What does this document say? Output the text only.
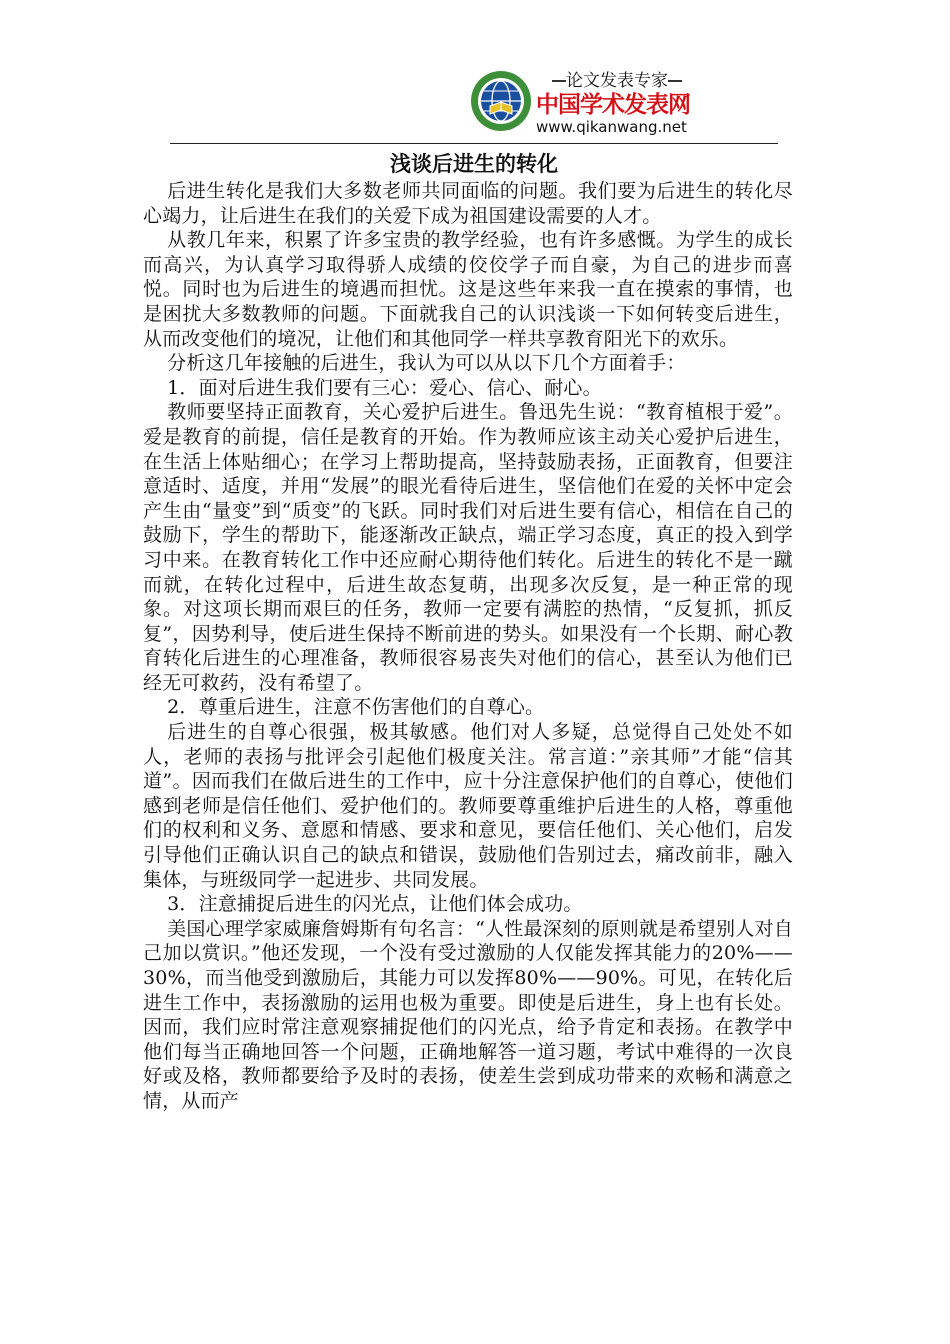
论文发表专家
中国学术发表网
www.qikanwang.net
浅谈后进生的转化

后进生转化是我们大多数老师共同面临的问题。我们要为后进生的转化尽心竭力，让后进生在我们的关爱下成为祖国建设需要的人才。

从教几年来，积累了许多宝贵的教学经验，也有许多感慨。为学生的成长而高兴，为认真学习取得骄人成绩的佼佼学子而自豪，为自己的进步而喜悦。同时也为后进生的境遇而担忧。这是这些年来我一直在摸索的事情，也是困扰大多数教师的问题。下面就我自己的认识浅谈一下如何转变后进生，从而改变他们的境况，让他们和其他同学一样共享教育阳光下的欢乐。

分析这几年接触的后进生，我认为可以从以下几个方面着手：

1．面对后进生我们要有三心：爱心、信心、耐心。

教师要坚持正面教育，关心爱护后进生。鲁迅先生说：“教育植根于爱”。爱是教育的前提，信任是教育的开始。作为教师应该主动关心爱护后进生，在生活上体贴细心；在学习上帮助提高，坚持鼓励表扬，正面教育，但要注意适时、适度，并用“发展”的眼光看待后进生，坚信他们在爱的关怀中定会产生由“量变”到“质变”的飞跃。同时我们对后进生要有信心，相信在自己的鼓励下，学生的帮助下，能逐渐改正缺点，端正学习态度，真正的投入到学习中来。在教育转化工作中还应耐心期待他们转化。后进生的转化不是一蹴而就，在转化过程中，后进生故态复萌，出现多次反复，是一种正常的现象。对这项长期而艰巨的任务，教师一定要有满腔的热情，“反复抓，抓反复”，因势利导，使后进生保持不断前进的势头。如果没有一个长期、耐心教育转化后进生的心理准备，教师很容易丧失对他们的信心，甚至认为他们已经无可救药，没有希望了。

2．尊重后进生，注意不伤害他们的自尊心。

后进生的自尊心很强，极其敏感。他们对人多疑，总觉得自己处处不如人，老师的表扬与批评会引起他们极度关注。常言道：”亲其师”才能“信其道”。因而我们在做后进生的工作中，应十分注意保护他们的自尊心，使他们感到老师是信任他们、爱护他们的。教师要尊重维护后进生的人格，尊重他们的权利和义务、意愿和情感、要求和意见，要信任他们、关心他们，启发引导他们正确认识自己的缺点和错误，鼓励他们告别过去，痛改前非，融入集体，与班级同学一起进步、共同发展。

3．注意捕捉后进生的闪光点，让他们体会成功。

美国心理学家威廉詹姆斯有句名言：“人性最深刻的原则就是希望别人对自己加以赏识。”他还发现，一个没有受过激励的人仅能发挥其能力的20%——30%，而当他受到激励后，其能力可以发挥80%——90%。可见，在转化后进生工作中，表扬激励的运用也极为重要。即使是后进生，身上也有长处。因而，我们应时常注意观察捕捉他们的闪光点，给予肯定和表扬。在教学中他们每当正确地回答一个问题，正确地解答一道习题，考试中难得的一次良好或及格，教师都要给予及时的表扬，使差生尝到成功带来的欢畅和满意之情，从而产
